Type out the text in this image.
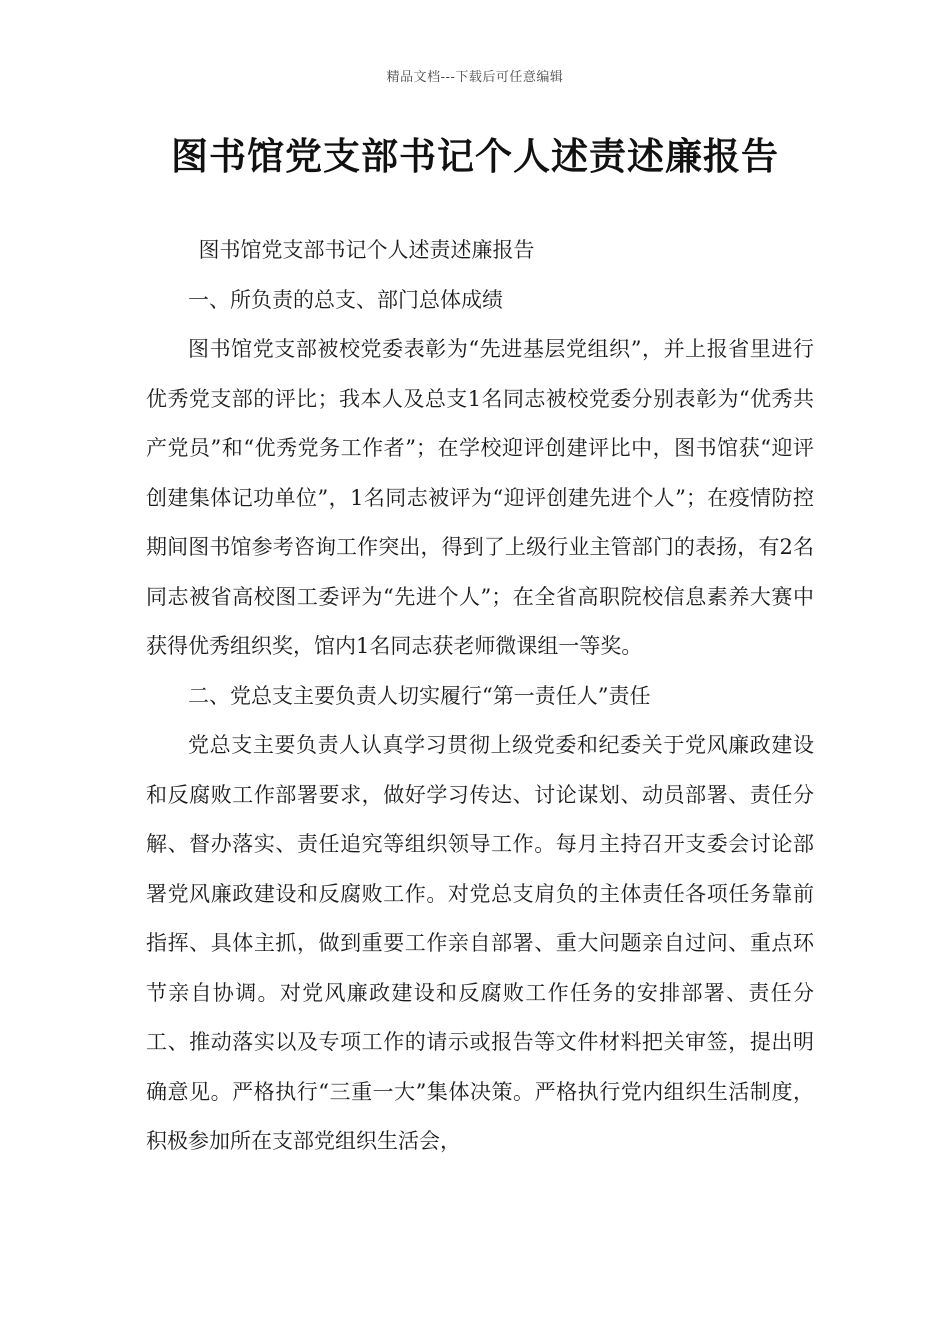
精品文档---下载后可任意编辑
图书馆党支部书记个人述责述廉报告

图书馆党支部书记个人述责述廉报告

一、所负责的总支、部门总体成绩

图书馆党支部被校党委表彰为“先进基层党组织”，并上报省里进行优秀党支部的评比；我本人及总支1名同志被校党委分别表彰为“优秀共产党员”和“优秀党务工作者”；在学校迎评创建评比中，图书馆获“迎评创建集体记功单位”，1名同志被评为“迎评创建先进个人”；在疫情防控期间图书馆参考咨询工作突出，得到了上级行业主管部门的表扬，有2名同志被省高校图工委评为“先进个人”；在全省高职院校信息素养大赛中获得优秀组织奖，馆内1名同志获老师微课组一等奖。

二、党总支主要负责人切实履行“第一责任人”责任

党总支主要负责人认真学习贯彻上级党委和纪委关于党风廉政建设和反腐败工作部署要求，做好学习传达、讨论谋划、动员部署、责任分解、督办落实、责任追究等组织领导工作。每月主持召开支委会讨论部署党风廉政建设和反腐败工作。对党总支肩负的主体责任各项任务靠前指挥、具体主抓，做到重要工作亲自部署、重大问题亲自过问、重点环节亲自协调。对党风廉政建设和反腐败工作任务的安排部署、责任分工、推动落实以及专项工作的请示或报告等文件材料把关审签，提出明确意见。严格执行“三重一大”集体决策。严格执行党内组织生活制度，积极参加所在支部党组织生活会，
